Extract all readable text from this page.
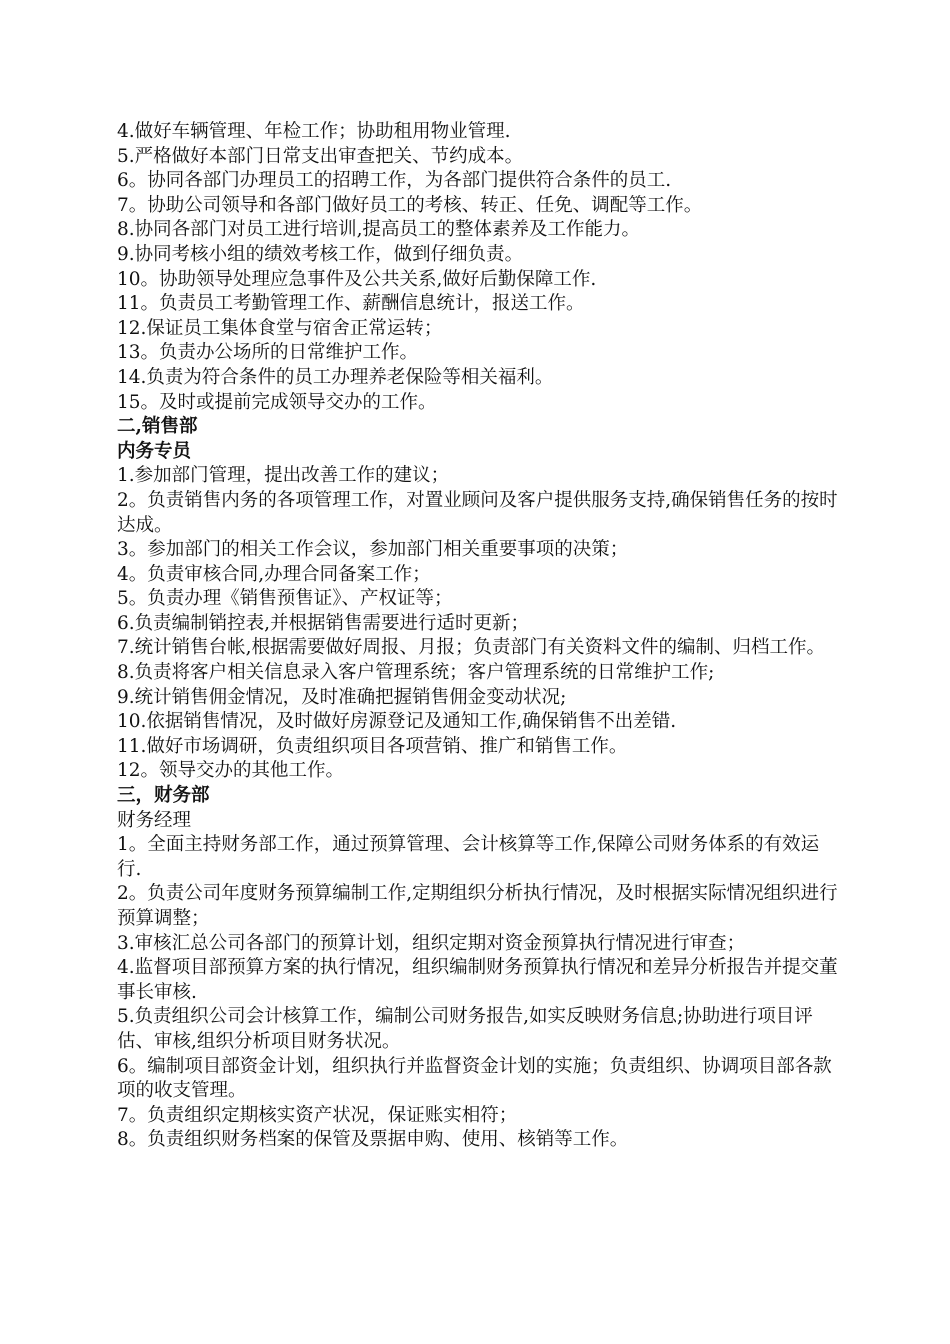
4.做好车辆管理、年检工作；协助租用物业管理.
5.严格做好本部门日常支出审查把关、节约成本。
6。协同各部门办理员工的招聘工作，为各部门提供符合条件的员工.
7。协助公司领导和各部门做好员工的考核、转正、任免、调配等工作。
8.协同各部门对员工进行培训,提高员工的整体素养及工作能力。
9.协同考核小组的绩效考核工作，做到仔细负责。
10。协助领导处理应急事件及公共关系,做好后勤保障工作.
11。负责员工考勤管理工作、薪酬信息统计，报送工作。
12.保证员工集体食堂与宿舍正常运转；
13。负责办公场所的日常维护工作。
14.负责为符合条件的员工办理养老保险等相关福利。
15。及时或提前完成领导交办的工作。
二,销售部
内务专员
1.参加部门管理，提出改善工作的建议；
2。负责销售内务的各项管理工作，对置业顾问及客户提供服务支持,确保销售任务的按时达成。
3。参加部门的相关工作会议，参加部门相关重要事项的决策；
4。负责审核合同,办理合同备案工作；
5。负责办理《销售预售证》、产权证等；
6.负责编制销控表,并根据销售需要进行适时更新；
7.统计销售台帐,根据需要做好周报、月报；负责部门有关资料文件的编制、归档工作。
8.负责将客户相关信息录入客户管理系统；客户管理系统的日常维护工作;
9.统计销售佣金情况，及时准确把握销售佣金变动状况;
10.依据销售情况，及时做好房源登记及通知工作,确保销售不出差错.
11.做好市场调研，负责组织项目各项营销、推广和销售工作。
12。领导交办的其他工作。
三，财务部
财务经理
1。全面主持财务部工作，通过预算管理、会计核算等工作,保障公司财务体系的有效运行.
2。负责公司年度财务预算编制工作,定期组织分析执行情况，及时根据实际情况组织进行预算调整；
3.审核汇总公司各部门的预算计划，组织定期对资金预算执行情况进行审查；
4.监督项目部预算方案的执行情况，组织编制财务预算执行情况和差异分析报告并提交董事长审核.
5.负责组织公司会计核算工作，编制公司财务报告,如实反映财务信息;协助进行项目评估、审核,组织分析项目财务状况。
6。编制项目部资金计划，组织执行并监督资金计划的实施；负责组织、协调项目部各款项的收支管理。
7。负责组织定期核实资产状况，保证账实相符；
8。负责组织财务档案的保管及票据申购、使用、核销等工作。
